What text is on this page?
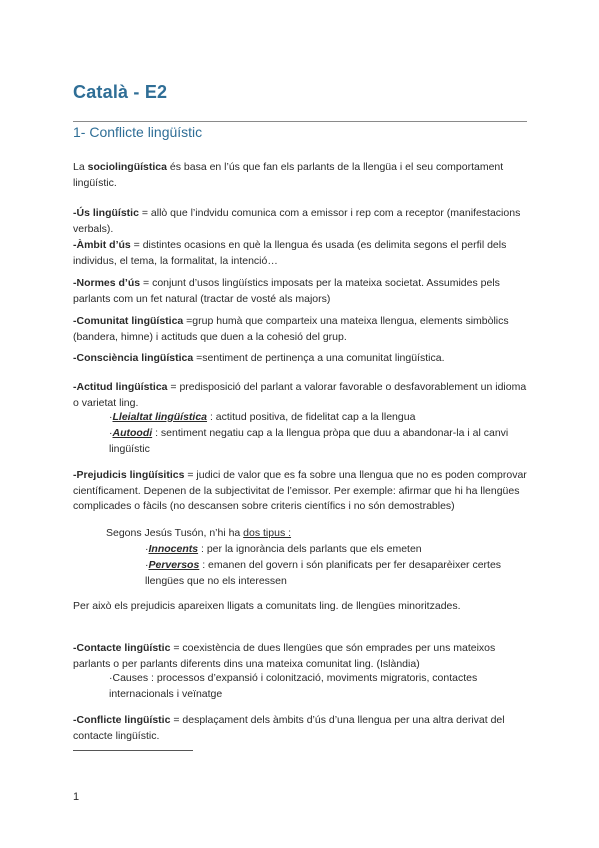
Català - E2
1- Conflicte lingüístic
La sociolingüística és basa en l’ús que fan els parlants de la llengüa i el seu comportament lingüístic.
-Ús lingüístic = allò que l’indvidu comunica com a emissor i rep com a receptor (manifestacions verbals).
-Àmbit d’ús = distintes ocasions en què la llengua és usada (es delimita segons el perfil dels individus, el tema, la formalitat, la intenció…
-Normes d’ús = conjunt d’usos lingüístics imposats per la mateixa societat. Assumides pels parlants com un fet natural (tractar de vosté als majors)
-Comunitat lingüística =grup humà que comparteix una mateixa llengua, elements simbòlics (bandera, himne) i actituds que duen a la cohesió del grup.
-Consciència lingüística =sentiment de pertinença a una comunitat lingüística.
-Actitud lingüística = predisposició del parlant a valorar favorable o desfavorablement un idioma o varietat ling.
·Lleialtat lingüística : actitud positiva, de fidelitat cap a la llengua
·Autoodi : sentiment negatiu cap a la llengua pròpa que duu a abandonar-la i al canvi lingüístic
-Prejudicis lingüísitics = judici de valor que es fa sobre una llengua que no es poden comprovar científicament. Depenen de la subjectivitat de l’emissor. Per exemple: afirmar que hi ha llengües complicades o fàcils (no descansen sobre criteris científics i no són demostrables)
Segons Jesús Tusón, n’hi ha dos tipus :
·Innocents : per la ignorància dels parlants que els emeten
·Perversos : emanen del govern i són planificats per fer desaparèixer certes llengües que no els interessen
Per això els prejudicis apareixen lligats a comunitats ling. de llengües minoritzades.
-Contacte lingüístic = coexistència de dues llengües que són emprades per uns mateixos parlants o per parlants diferents dins una mateixa comunitat ling. (Islàndia)
·Causes : processos d’expansió i colonització, moviments migratoris, contactes internacionals i veïnatge
-Conflicte lingüístic = desplaçament dels àmbits d’ús d’una llengua per una altra derivat del contacte lingüístic.
1
